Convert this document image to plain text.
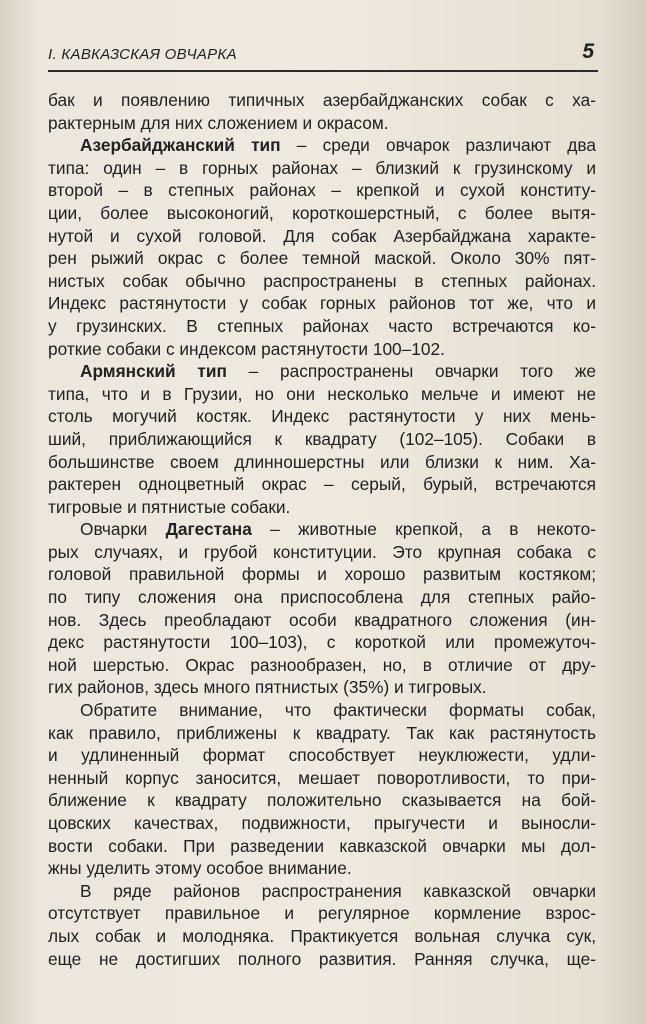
I. КАВКАЗСКАЯ ОВЧАРКА	5
бак и появлению типичных азербайджанских собак с ха-
рактерным для них сложением и окрасом.
Азербайджанский тип – среди овчарок различают два
типа: один – в горных районах – близкий к грузинскому и
второй – в степных районах – крепкой и сухой конститу-
ции, более высоконогий, короткошерстный, с более вытя-
нутой и сухой головой. Для собак Азербайджана характе-
рен рыжий окрас с более темной маской. Около 30% пят-
нистых собак обычно распространены в степных районах.
Индекс растянутости у собак горных районов тот же, что и
у грузинских. В степных районах часто встречаются ко-
роткие собаки с индексом растянутости 100–102.
Армянский тип – распространены овчарки того же
типа, что и в Грузии, но они несколько мельче и имеют не
столь могучий костяк. Индекс растянутости у них мень-
ший, приближающийся к квадрату (102–105). Собаки в
большинстве своем длинношерстны или близки к ним. Ха-
рактерен одноцветный окрас – серый, бурый, встречаются
тигровые и пятнистые собаки.
Овчарки Дагестана – животные крепкой, а в некото-
рых случаях, и грубой конституции. Это крупная собака с
головой правильной формы и хорошо развитым костяком;
по типу сложения она приспособлена для степных райо-
нов. Здесь преобладают особи квадратного сложения (ин-
декс растянутости 100–103), с короткой или промежуточ-
ной шерстью. Окрас разнообразен, но, в отличие от дру-
гих районов, здесь много пятнистых (35%) и тигровых.
Обратите внимание, что фактически форматы собак,
как правило, приближены к квадрату. Так как растянутость
и удлиненный формат способствует неуклюжести, удли-
ненный корпус заносится, мешает поворотливости, то при-
ближение к квадрату положительно сказывается на бой-
цовских качествах, подвижности, прыгучести и выносли-
вости собаки. При разведении кавказской овчарки мы дол-
жны уделить этому особое внимание.
В ряде районов распространения кавказской овчарки
отсутствует правильное и регулярное кормление взрос-
лых собак и молодняка. Практикуется вольная случка сук,
еще не достигших полного развития. Ранняя случка, ще-
